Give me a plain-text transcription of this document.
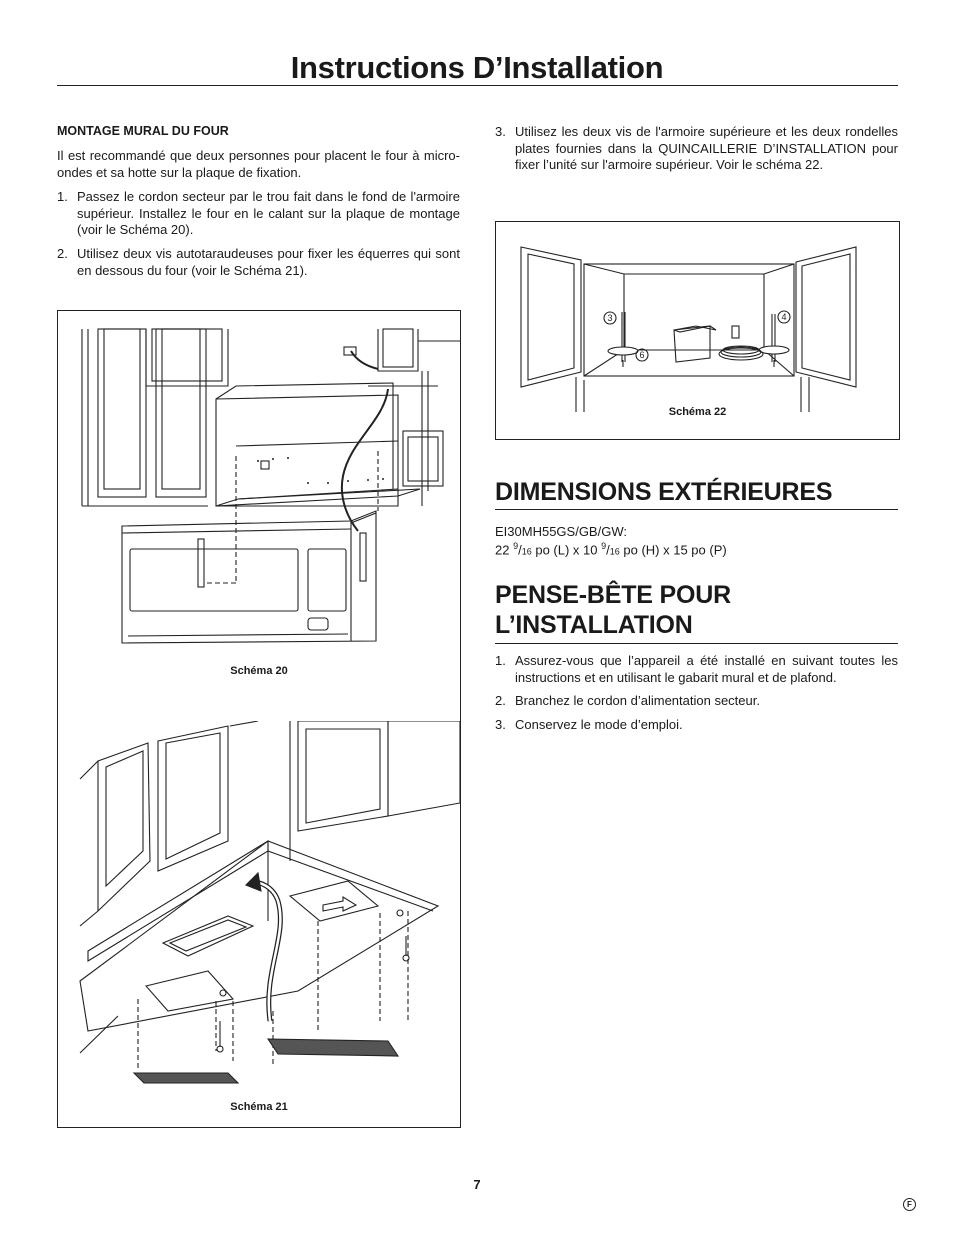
Instructions D’Installation
MONTAGE MURAL DU FOUR
Il est recommandé que deux personnes pour placent le four à micro-ondes et sa hotte sur la plaque de fixation.
1. Passez le cordon secteur par le trou fait dans le fond de l'armoire supérieur. Installez le four en le calant sur la plaque de montage (voir le Schéma 20).
2. Utilisez deux vis autotaraudeuses pour fixer les équerres qui sont en dessous du four (voir le Schéma 21).
Schéma 20
Schéma 21
3. Utilisez les deux vis de l'armoire supérieure et les deux rondelles plates fournies dans la QUINCAILLERIE D’INSTALLATION pour fixer l’unité sur l'armoire supérieur. Voir le schéma 22.
3	4
6
Schéma 22
DIMENSIONS EXTÉRIEURES
EI30MH55GS/GB/GW:
22 $^9$/16 po (L) x 10 $^9$/16 po (H) x 15 po (P)
PENSE-BÊTE POUR
L’INSTALLATION
1. Assurez-vous que l’appareil a été installé en suivant toutes les instructions et en utilisant le gabarit mural et de plafond.
2. Branchez le cordon d’alimentation secteur.
3. Conservez le mode d’emploi.
7
F
